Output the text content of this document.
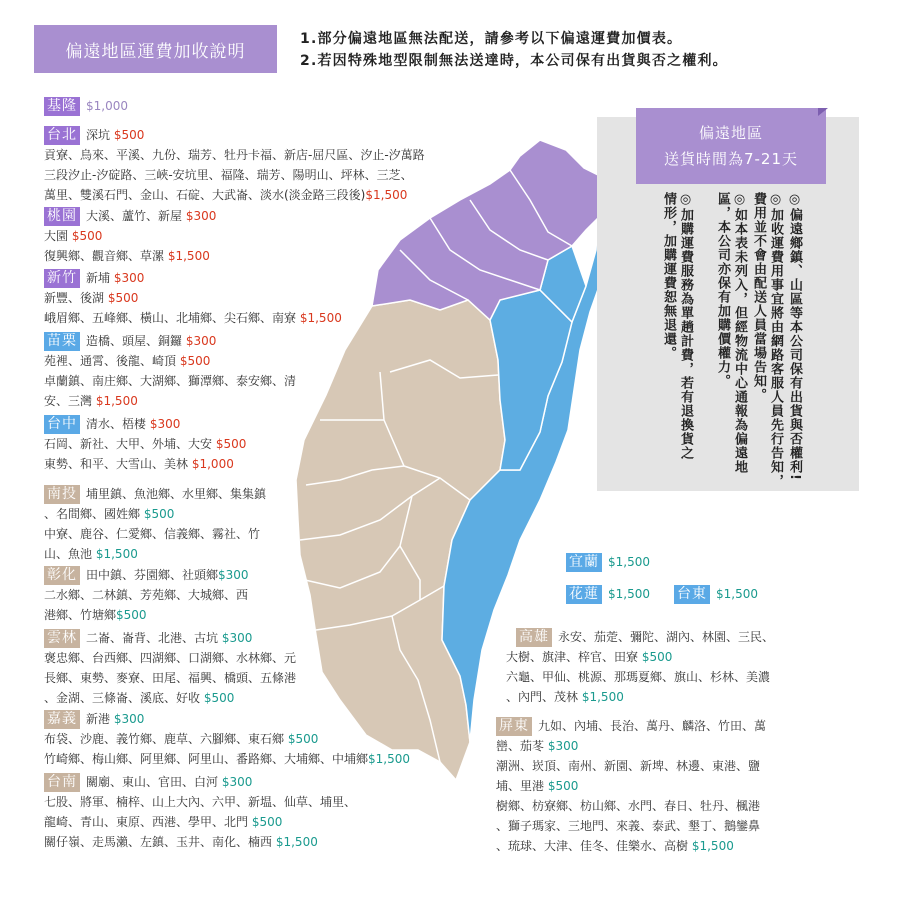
偏遠地區運費加收說明
1.部分偏遠地區無法配送，請參考以下偏遠運費加價表。
2.若因特殊地型限制無法送達時，本公司保有出貨與否之權利。
偏遠地區
送貨時間為7-21天
◎偏遠鄉鎮、山區等本公司保有出貨與否權利!
◎加收運費用事宜將由網路客服人員先行告知，費用並不會由配送人員當場告知。
◎如本表未列入，但經物流中心通報為偏遠地區，本公司亦保有加購價權力。
◎加購運費服務為單趟計費，若有退換貨之情形，加購運費恕無退還。
基隆 $1,000
台北 深坑 $500
貢寮、烏來、平溪、九份、瑞芳、牡丹卡福、新店-屈尺區、汐止-汐萬路
三段汐止-汐碇路、三峽-安坑里、福隆、瑞芳、陽明山、坪林、三芝、
萬里、雙溪石門、金山、石碇、大武崙、淡水(淡金路三段後)$1,500
桃園 大溪、蘆竹、新屋 $300
大園 $500
復興鄉、觀音鄉、草漯 $1,500
新竹 新埔 $300
新豐、後湖 $500
峨眉鄉、五峰鄉、橫山、北埔鄉、尖石鄉、南寮 $1,500
苗栗 造橋、頭屋、銅鑼 $300
苑裡、通霄、後龍、崎頂 $500
卓蘭鎮、南庄鄉、大湖鄉、獅潭鄉、泰安鄉、清
安、三灣 $1,500
台中 清水、梧棲 $300
石岡、新社、大甲、外埔、大安 $500
東勢、和平、大雪山、美林 $1,000
南投 埔里鎮、魚池鄉、水里鄉、集集鎮
、名間鄉、國姓鄉 $500
中寮、鹿谷、仁愛鄉、信義鄉、霧社、竹
山、魚池 $1,500
彰化 田中鎮、芬園鄉、社頭鄉$300
二水鄉、二林鎮、芳苑鄉、大城鄉、西
港鄉、竹塘鄉$500
雲林 二崙、崙背、北港、古坑 $300
褒忠鄉、台西鄉、四湖鄉、口湖鄉、水林鄉、元
長鄉、東勢、麥寮、田尾、福興、橋頭、五條港
、金湖、三條崙、溪底、好收 $500
嘉義 新港 $300
布袋、沙鹿、義竹鄉、鹿草、六腳鄉、東石鄉 $500
竹崎鄉、梅山鄉、阿里鄉、阿里山、番路鄉、大埔鄉、中埔鄉$1,500
台南 關廟、東山、官田、白河 $300
七股、將軍、楠梓、山上大內、六甲、新塭、仙草、埔里、
龍崎、青山、東原、西港、學甲、北門 $500
關仔嶺、走馬瀨、左鎮、玉井、南化、楠西 $1,500
宜蘭 $1,500
花蓮 $1,500 台東 $1,500
高雄 永安、茄萣、彌陀、湖內、林園、三民、
大樹、旗津、梓官、田寮 $500
六龜、甲仙、桃源、那瑪夏鄉、旗山、杉林、美濃
、內門、茂林 $1,500
屏東 九如、內埔、長治、萬丹、麟洛、竹田、萬
巒、茄苳 $300
潮洲、崁頂、南州、新園、新埤、林邊、東港、鹽
埔、里港 $500
樹鄉、枋寮鄉、枋山鄉、水門、春日、牡丹、楓港
、獅子瑪家、三地門、來義、泰武、墾丁、鵝鑾鼻
、琉球、大津、佳冬、佳樂水、高樹 $1,500
